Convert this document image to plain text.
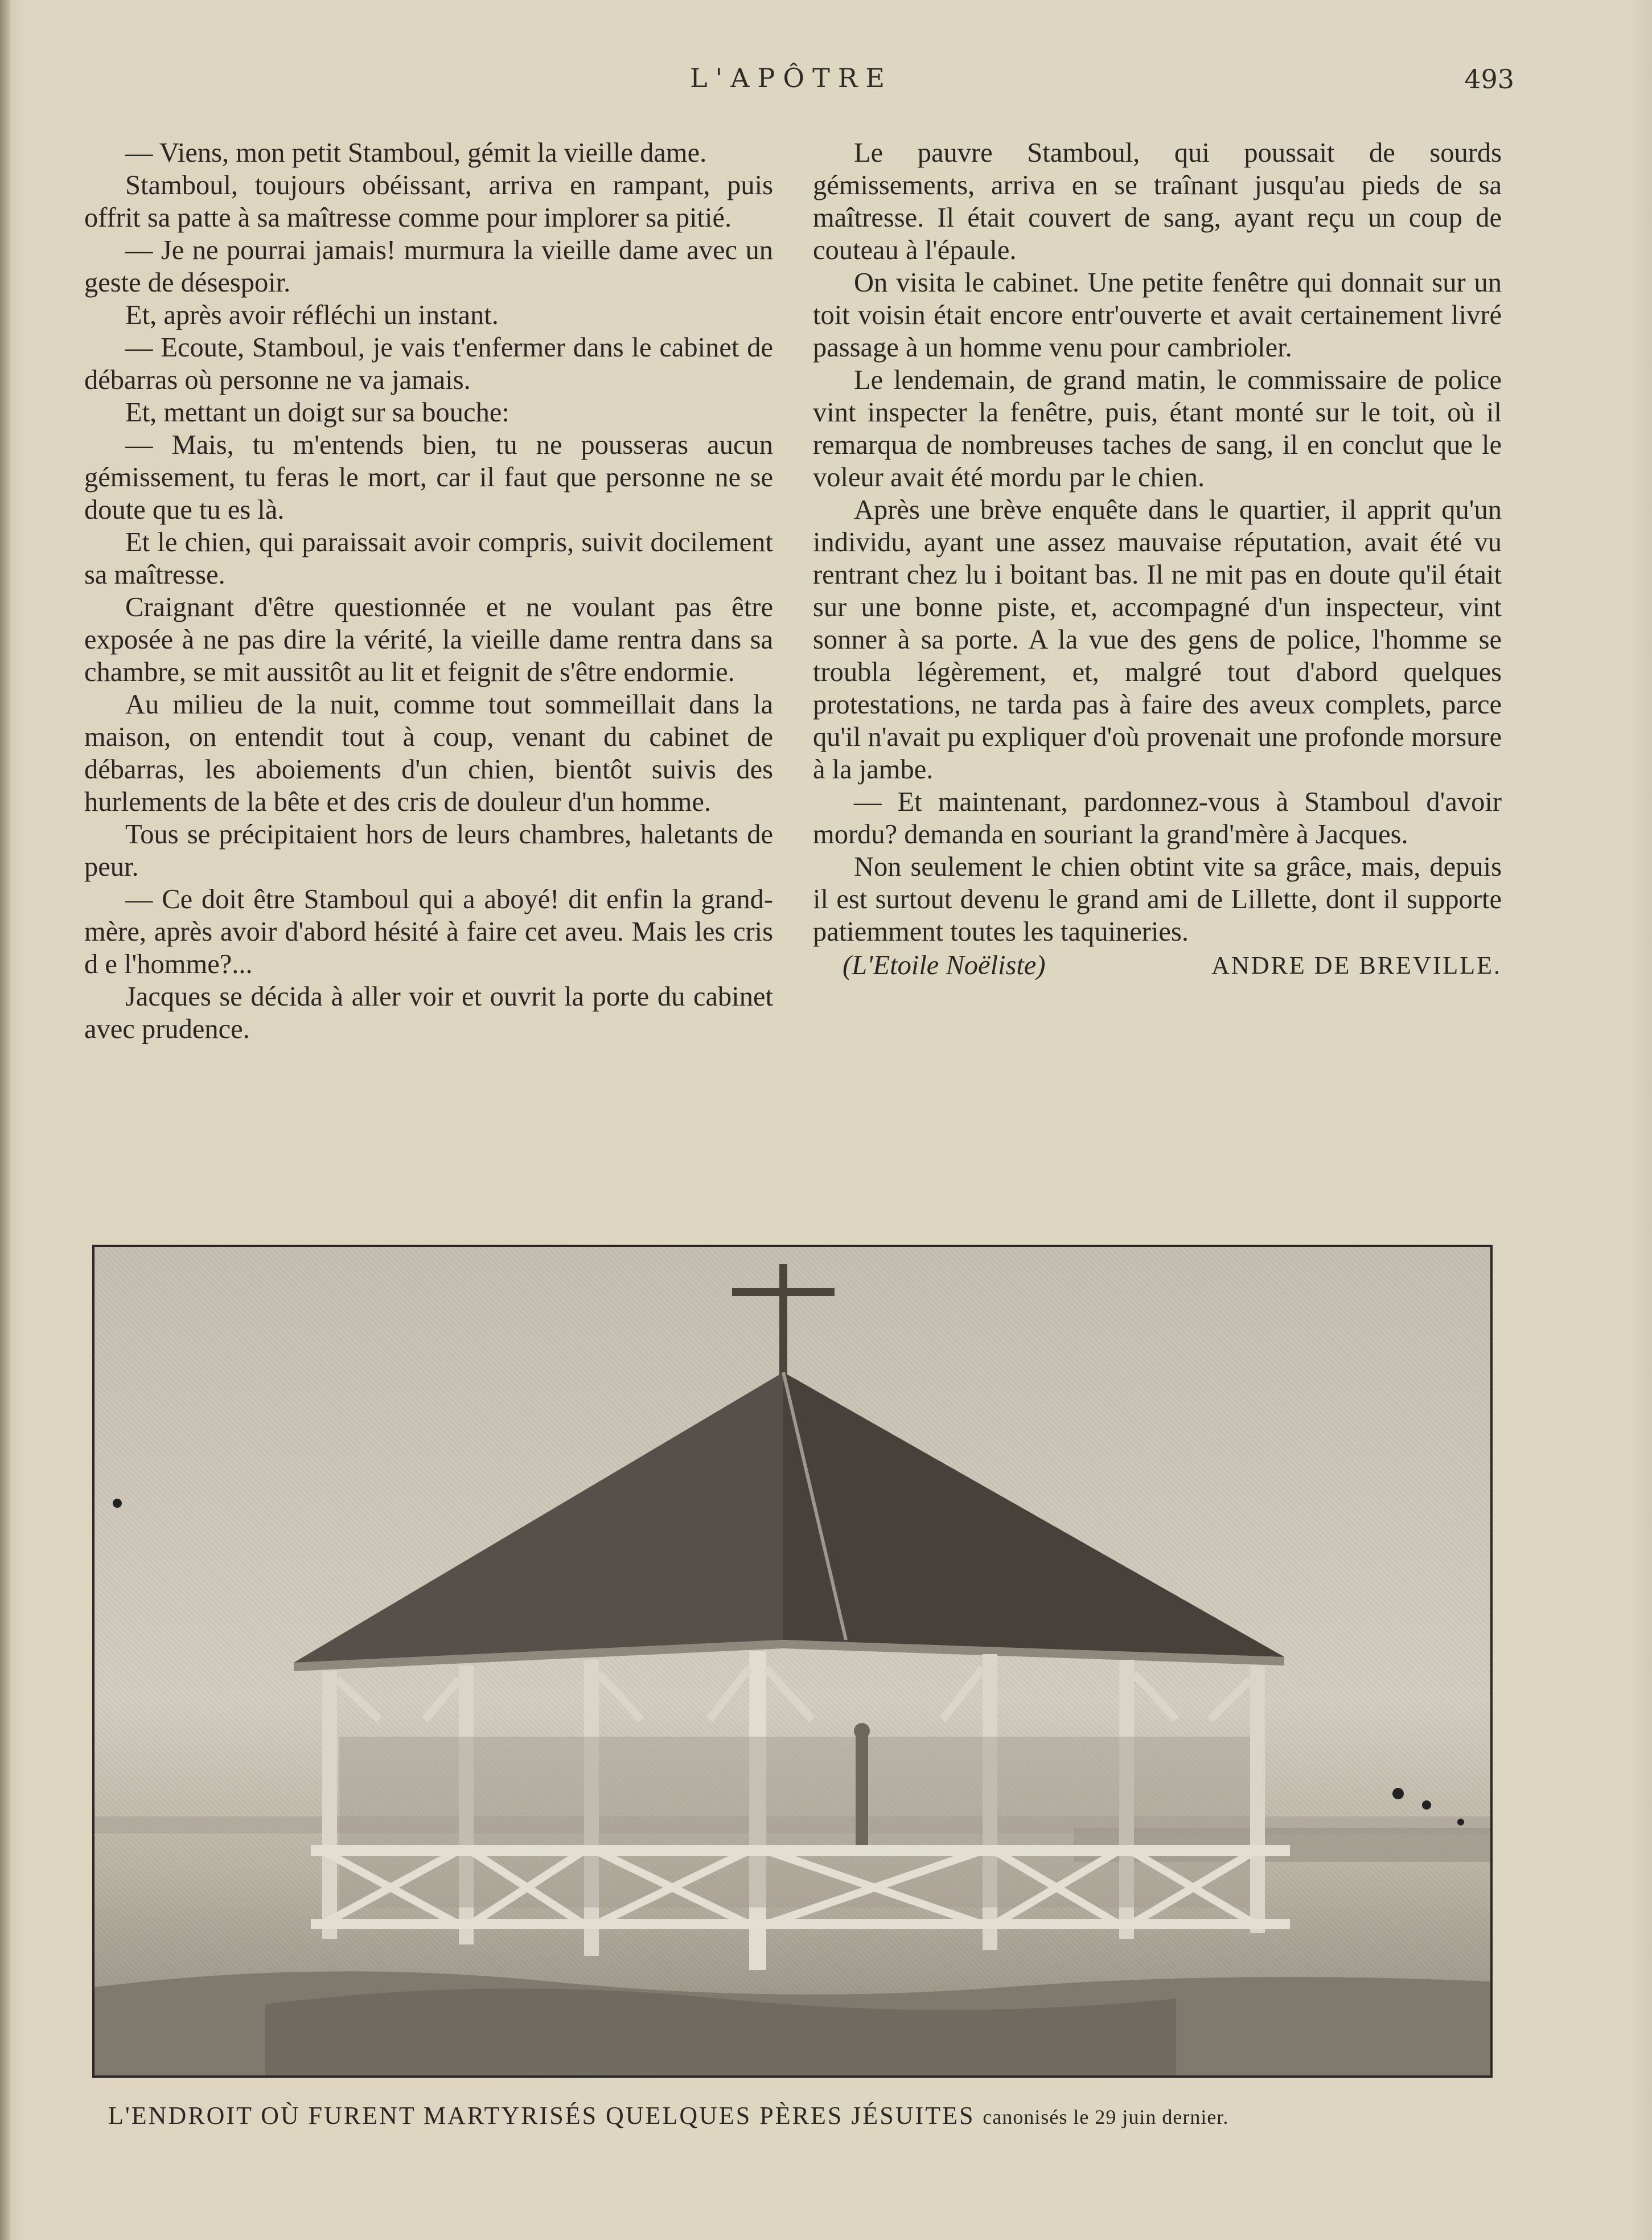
L'APÔTRE	493

— Viens, mon petit Stamboul, gémit la vieille dame.

Stamboul, toujours obéissant, arriva en rampant, puis offrit sa patte à sa maîtresse comme pour implorer sa pitié.

— Je ne pourrai jamais! murmura la vieille dame avec un geste de désespoir.

Et, après avoir réfléchi un instant.

— Ecoute, Stamboul, je vais t'enfermer dans le cabinet de débarras où personne ne va jamais.

Et, mettant un doigt sur sa bouche:

— Mais, tu m'entends bien, tu ne pousseras aucun gémissement, tu feras le mort, car il faut que personne ne se doute que tu es là.

Et le chien, qui paraissait avoir compris, suivit docilement sa maîtresse.

Craignant d'être questionnée et ne voulant pas être exposée à ne pas dire la vérité, la vieille dame rentra dans sa chambre, se mit aussitôt au lit et feignit de s'être endormie.

Au milieu de la nuit, comme tout sommeillait dans la maison, on entendit tout à coup, venant du cabinet de débarras, les aboiements d'un chien, bientôt suivis des hurlements de la bête et des cris de douleur d'un homme.

Tous se précipitaient hors de leurs chambres, haletants de peur.

— Ce doit être Stamboul qui a aboyé! dit enfin la grand-mère, après avoir d'abord hésité à faire cet aveu. Mais les cris d e l'homme?...

Jacques se décida à aller voir et ouvrit la porte du cabinet avec prudence.

Le pauvre Stamboul, qui poussait de sourds gémissements, arriva en se traînant jusqu'au pieds de sa maîtresse. Il était couvert de sang, ayant reçu un coup de couteau à l'épaule.

On visita le cabinet. Une petite fenêtre qui donnait sur un toit voisin était encore entr'ouverte et avait certainement livré passage à un homme venu pour cambrioler.

Le lendemain, de grand matin, le commissaire de police vint inspecter la fenêtre, puis, étant monté sur le toit, où il remarqua de nombreuses taches de sang, il en conclut que le voleur avait été mordu par le chien.

Après une brève enquête dans le quartier, il apprit qu'un individu, ayant une assez mauvaise réputation, avait été vu rentrant chez lu i boitant bas. Il ne mit pas en doute qu'il était sur une bonne piste, et, accompagné d'un inspecteur, vint sonner à sa porte. A la vue des gens de police, l'homme se troubla légèrement, et, malgré tout d'abord quelques protestations, ne tarda pas à faire des aveux complets, parce qu'il n'avait pu expliquer d'où provenait une profonde morsure à la jambe.

— Et maintenant, pardonnez-vous à Stamboul d'avoir mordu? demanda en souriant la grand'mère à Jacques.

Non seulement le chien obtint vite sa grâce, mais, depuis il est surtout devenu le grand ami de Lillette, dont il supporte patiemment toutes les taquineries.

(L'Etoile Noëliste)	ANDRE DE BREVILLE.
L'ENDROIT OÙ FURENT MARTYRISÉS QUELQUES PÈRES JÉSUITES canonisés le 29 juin dernier.
